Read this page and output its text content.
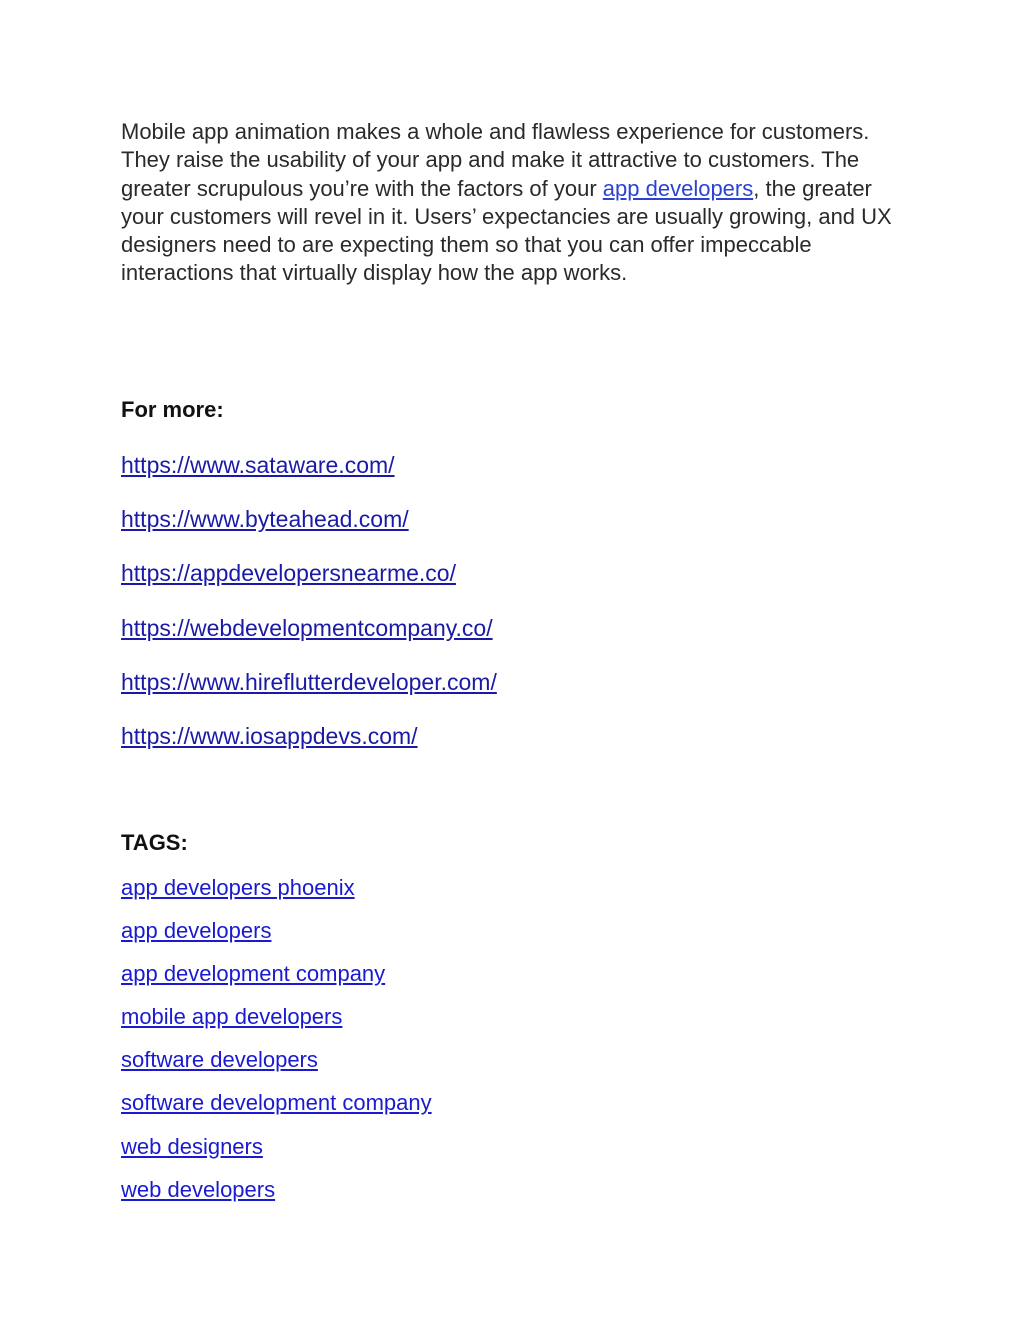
Mobile app animation makes a whole and flawless experience for customers. They raise the usability of your app and make it attractive to customers. The greater scrupulous you’re with the factors of your app developers, the greater your customers will revel in it. Users’ expectancies are usually growing, and UX designers need to are expecting them so that you can offer impeccable interactions that virtually display how the app works.

For more:
https://www.sataware.com/
https://www.byteahead.com/
https://appdevelopersnearme.co/
https://webdevelopmentcompany.co/
https://www.hireflutterdeveloper.com/
https://www.iosappdevs.com/
TAGS:
app developers phoenix
app developers
app development company
mobile app developers
software developers
software development company
web designers
web developers
